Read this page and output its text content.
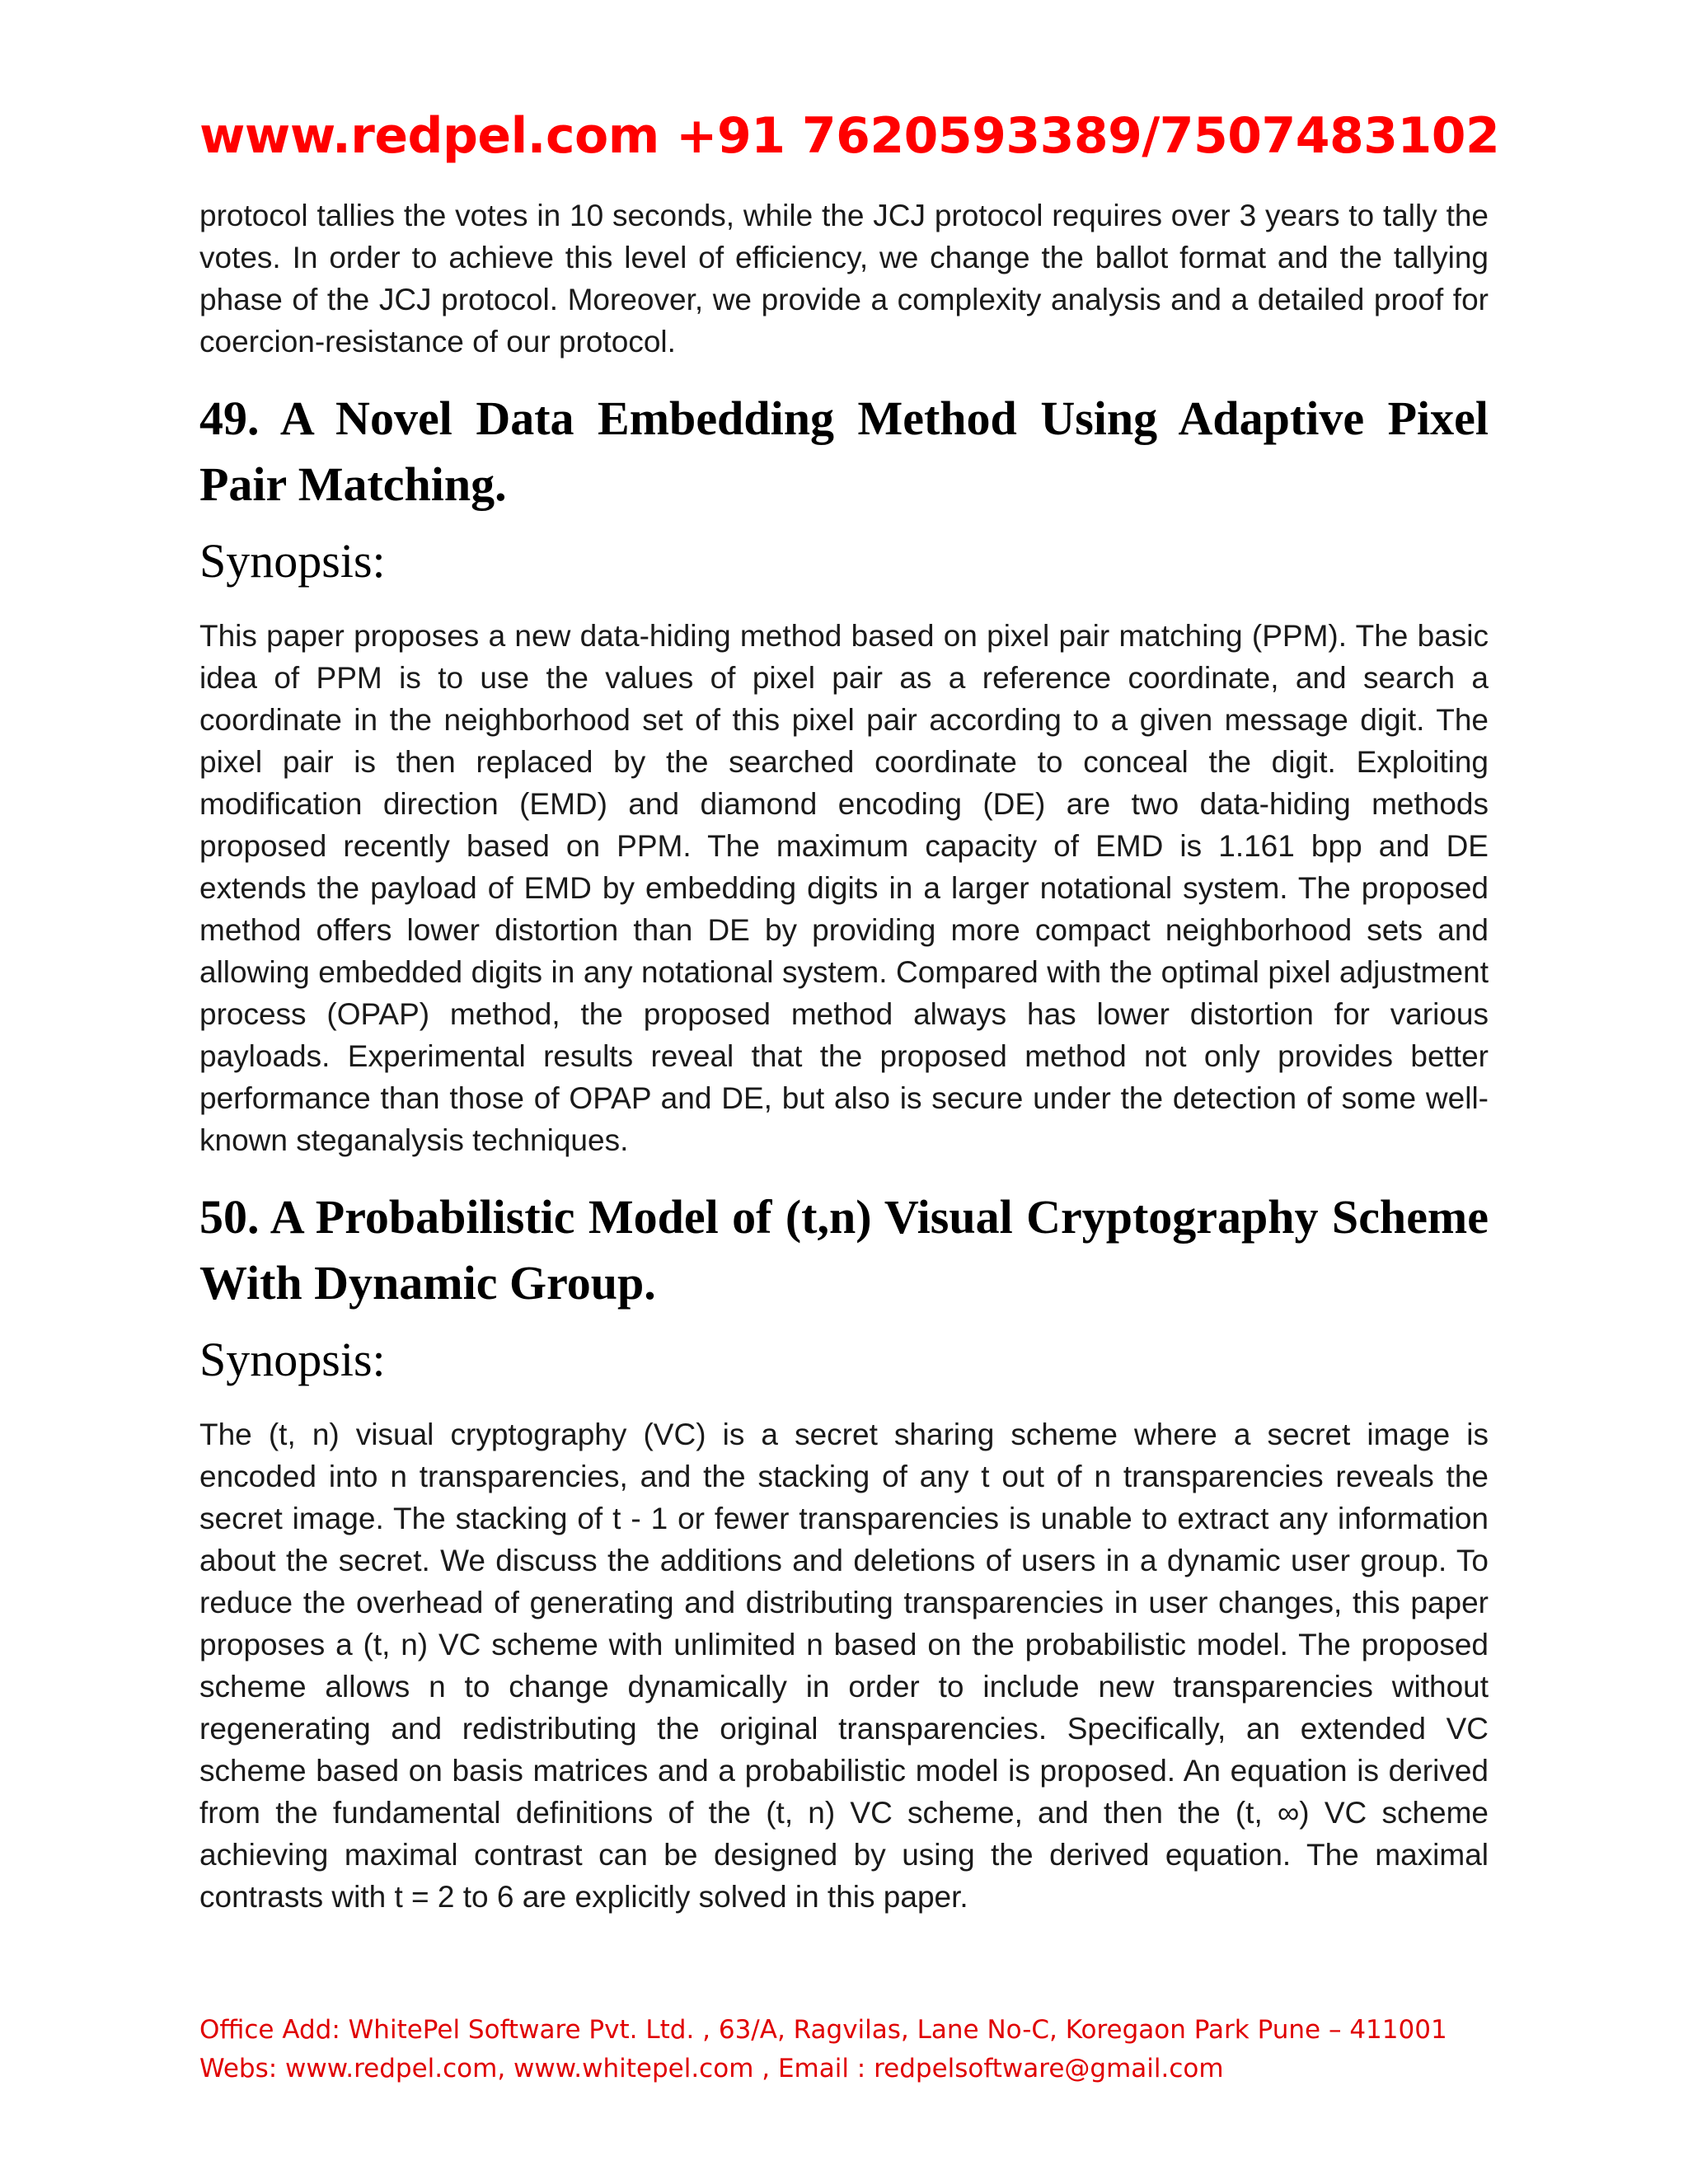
www.redpel.com +91 7620593389/7507483102

protocol tallies the votes in 10 seconds, while the JCJ protocol requires over 3 years to tally the votes. In order to achieve this level of efficiency, we change the ballot format and the tallying phase of the JCJ protocol. Moreover, we provide a complexity analysis and a detailed proof for coercion-resistance of our protocol.

49. A Novel Data Embedding Method Using Adaptive Pixel Pair Matching.
Synopsis:

This paper proposes a new data-hiding method based on pixel pair matching (PPM). The basic idea of PPM is to use the values of pixel pair as a reference coordinate, and search a coordinate in the neighborhood set of this pixel pair according to a given message digit. The pixel pair is then replaced by the searched coordinate to conceal the digit. Exploiting modification direction (EMD) and diamond encoding (DE) are two data-hiding methods proposed recently based on PPM. The maximum capacity of EMD is 1.161 bpp and DE extends the payload of EMD by embedding digits in a larger notational system. The proposed method offers lower distortion than DE by providing more compact neighborhood sets and allowing embedded digits in any notational system. Compared with the optimal pixel adjustment process (OPAP) method, the proposed method always has lower distortion for various payloads. Experimental results reveal that the proposed method not only provides better performance than those of OPAP and DE, but also is secure under the detection of some well-known steganalysis techniques.

50. A Probabilistic Model of (t,n) Visual Cryptography Scheme With Dynamic Group.
Synopsis:

The (t, n) visual cryptography (VC) is a secret sharing scheme where a secret image is encoded into n transparencies, and the stacking of any t out of n transparencies reveals the secret image. The stacking of t - 1 or fewer transparencies is unable to extract any information about the secret. We discuss the additions and deletions of users in a dynamic user group. To reduce the overhead of generating and distributing transparencies in user changes, this paper proposes a (t, n) VC scheme with unlimited n based on the probabilistic model. The proposed scheme allows n to change dynamically in order to include new transparencies without regenerating and redistributing the original transparencies. Specifically, an extended VC scheme based on basis matrices and a probabilistic model is proposed. An equation is derived from the fundamental definitions of the (t, n) VC scheme, and then the (t, ∞) VC scheme achieving maximal contrast can be designed by using the derived equation. The maximal contrasts with t = 2 to 6 are explicitly solved in this paper.

Office Add: WhitePel Software Pvt. Ltd. , 63/A, Ragvilas, Lane No-C, Koregaon Park Pune – 411001
Webs: www.redpel.com, www.whitepel.com , Email : redpelsoftware@gmail.com
